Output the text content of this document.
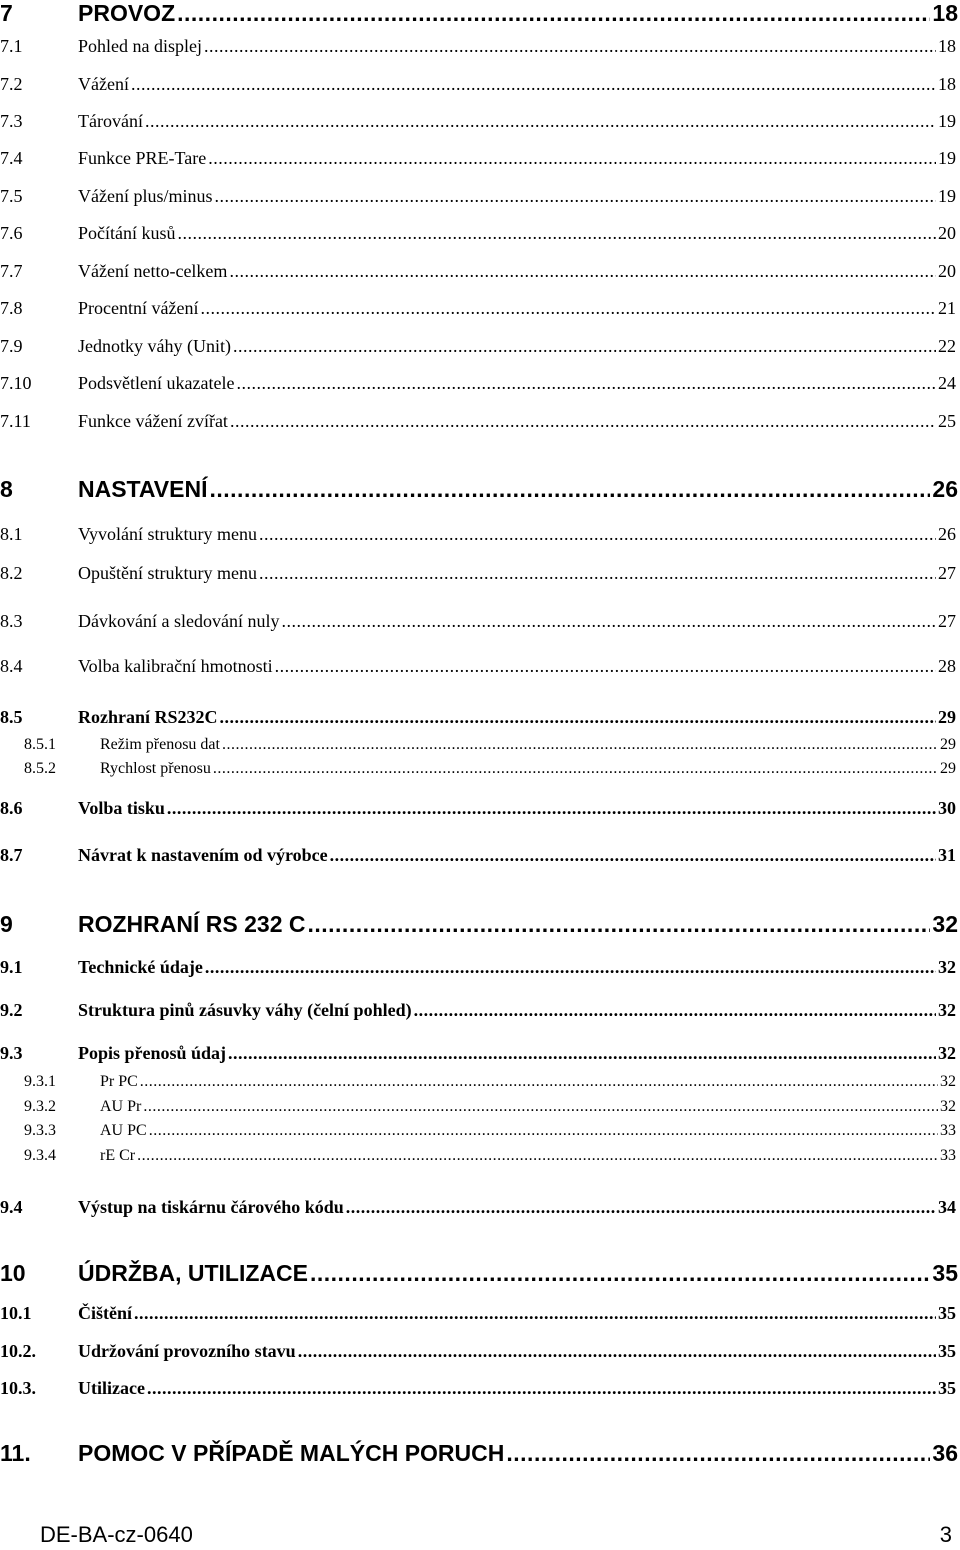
7	PROVOZ .....	18
7.1	Pohled na displej .....	18
7.2	Vážení .....	18
7.3	Tárování .....	19
7.4	Funkce PRE-Tare .....	19
7.5	Vážení plus/minus .....	19
7.6	Počítání kusů .....	20
7.7	Vážení netto-celkem .....	20
7.8	Procentní vážení .....	21
7.9	Jednotky váhy (Unit) .....	22
7.10	Podsvětlení ukazatele .....	24
7.11	Funkce vážení zvířat .....	25
8	NASTAVENÍ .....	26
8.1	Vyvolání struktury menu .....	26
8.2	Opuštění struktury menu .....	27
8.3	Dávkování a sledování nuly .....	27
8.4	Volba kalibrační hmotnosti .....	28
8.5	Rozhraní RS232C .....	29
8.5.1	Režim přenosu dat .....	29
8.5.2	Rychlost přenosu .....	29
8.6	Volba tisku .....	30
8.7	Návrat k nastavením od výrobce .....	31
9	ROZHRANÍ RS 232 C .....	32
9.1	Technické údaje .....	32
9.2	Struktura pinů zásuvky váhy (čelní pohled) .....	32
9.3	Popis přenosů údaj .....	32
9.3.1	Pr PC .....	32
9.3.2	AU Pr .....	32
9.3.3	AU PC .....	33
9.3.4	rE Cr .....	33
9.4	Výstup na tiskárnu čárového kódu .....	34
10	ÚDRŽBA, UTILIZACE .....	35
10.1	Čištění .....	35
10.2.	Udržování provozního stavu .....	35
10.3.	Utilizace .....	35
11.	POMOC V PŘÍPADĚ MALÝCH PORUCH .....	36
DE-BA-cz-0640	3
